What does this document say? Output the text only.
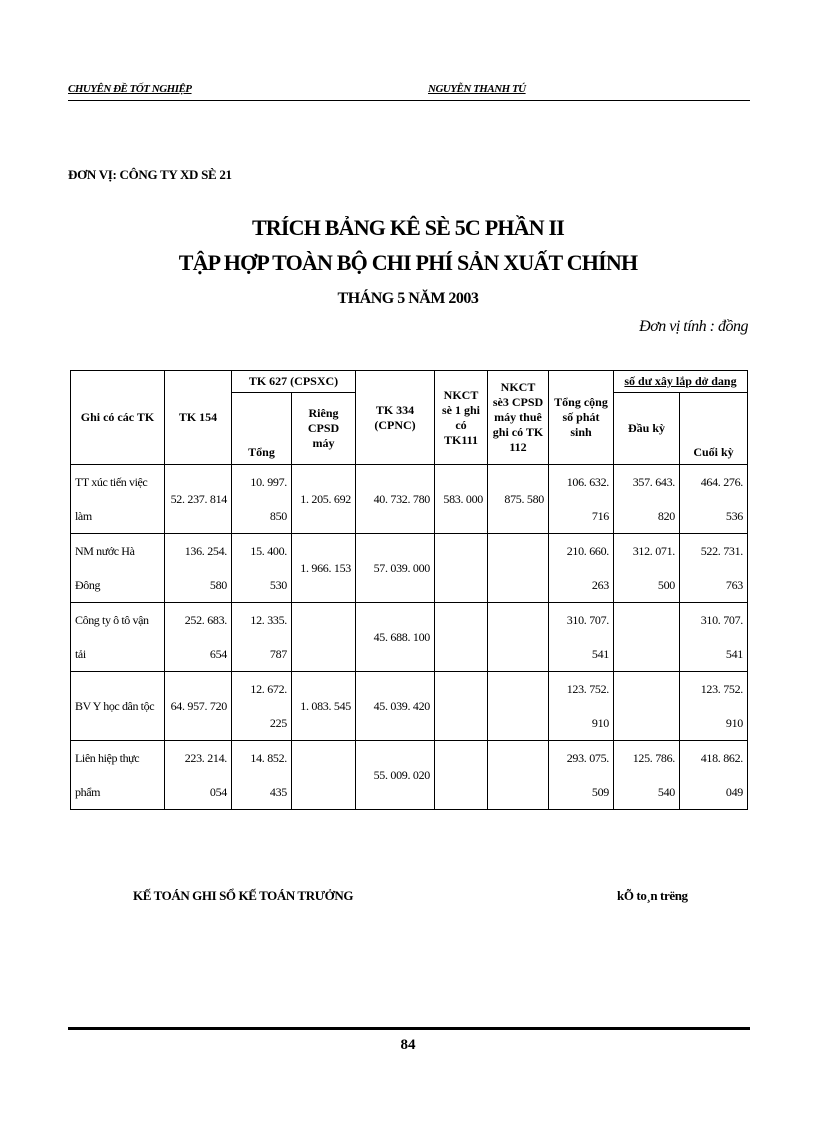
CHUYÊN ĐỀ TỐT NGHIỆP	NGUYỄN THANH TÚ
ĐƠN VỊ: CÔNG TY XD SÈ 21
TRÍCH BẢNG KÊ SÈ 5C PHẦN II
TẬP HỢP TOÀN BỘ CHI PHÍ SẢN XUẤT CHÍNH
THÁNG 5 NĂM 2003
Đơn vị tính : đồng
Ghi có các TK	TK 154	TK 627 (CPSXC)		TK 334 (CPNC)	NKCT sè 1 ghi có TK111	NKCT sè3 CPSD máy thuê ghi có TK 112	Tổng cộng số phát sinh	số dư xây lắp dở dang	
		Tổng	Riêng CPSD máy					Đầu kỳ	Cuối kỳ

TT xúc tiến việc làm	52. 237. 814	10. 997. 850	1. 205. 692	40. 732. 780	583. 000	875. 580	106. 632. 716	357. 643. 820	464. 276. 536
NM nước Hà Đông	136. 254. 580	15. 400. 530	1. 966. 153	57. 039. 000			210. 660. 263	312. 071. 500	522. 731. 763
Công ty ô tô vận tải	252. 683. 654	12. 335. 787		45. 688. 100			310. 707. 541		310. 707. 541
BV Y học dân tộc	64. 957. 720	12. 672. 225	1. 083. 545	45. 039. 420			123. 752. 910		123. 752. 910
Liên hiệp thực phẩm	223. 214. 054	14. 852. 435		55. 009. 020			293. 075. 509	125. 786. 540	418. 862. 049
KẾ TOÁN GHI SỔ KẾ TOÁN TRƯỞNG	kÕ to¸n trëng
84
